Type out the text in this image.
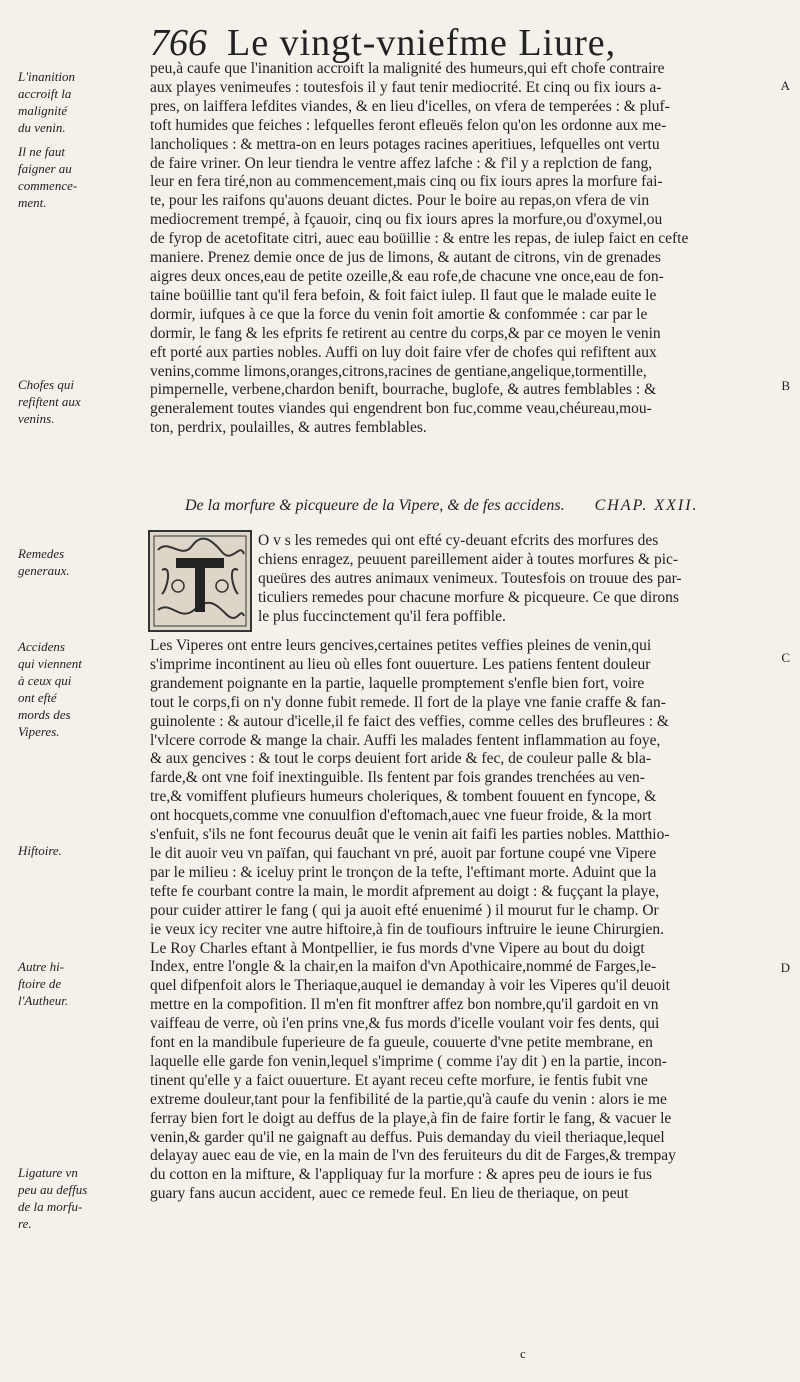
766 Le vingt-vniefme Liure,
L'inanition
accroift la
malignité
du venin.
Il ne faut
faigner au
commence-
ment.
Chofes qui
refiftent aux
venins.
Remedes
generaux.
Accidens
qui viennent
à ceux qui
ont efté
mords des
Viperes.
Hiftoire.
Autre hi-
ftoire de
l'Autheur.
Ligature vn
peu au deffus
de la morfu-
re.
A
B
C
D
peu,à caufe que l'inanition accroift la malignité des humeurs,qui eft chofe contraire
aux playes venimeufes : toutesfois il y faut tenir mediocrité. Et cinq ou fix iours a-
pres, on laiffera lefdites viandes, & en lieu d'icelles, on vfera de temperées : & pluf-
toft humides que feiches : lefquelles feront efleuës felon qu'on les ordonne aux me-
lancholiques : & mettra-on en leurs potages racines aperitiues, lefquelles ont vertu
de faire vriner. On leur tiendra le ventre affez lafche : & f'il y a replction de fang,
leur en fera tiré,non au commencement,mais cinq ou fix iours apres la morfure fai-
te, pour les raifons qu'auons deuant dictes. Pour le boire au repas,on vfera de vin
mediocrement trempé, à fçauoir, cinq ou fix iours apres la morfure,ou d'oxymel,ou
de fyrop de acetofitate citri, auec eau boüillie : & entre les repas, de iulep faict en cefte
maniere. Prenez demie once de jus de limons, & autant de citrons, vin de grenades
aigres deux onces,eau de petite ozeille,& eau rofe,de chacune vne once,eau de fon-
taine boüillie tant qu'il fera befoin, & foit faict iulep. Il faut que le malade euite le
dormir, iufques à ce que la force du venin foit amortie & confommée : car par le
dormir, le fang & les efprits fe retirent au centre du corps,& par ce moyen le venin
eft porté aux parties nobles. Auffi on luy doit faire vfer de chofes qui refiftent aux
venins,comme limons,oranges,citrons,racines de gentiane,angelique,tormentille,
pimpernelle, verbene,chardon benift, bourrache, buglofe, & autres femblables : &
generalement toutes viandes qui engendrent bon fuc,comme veau,chéureau,mou-
ton, perdrix, poulailles, & autres femblables.
De la morfure & picqueure de la Vipere, & de fes accidens. CHAP. XXII.
O v s les remedes qui ont efté cy-deuant efcrits des morfures des
chiens enragez, peuuent pareillement aider à toutes morfures & pic-
queüres des autres animaux venimeux. Toutesfois on trouue des par-
ticuliers remedes pour chacune morfure & picqueure. Ce que dirons
le plus fuccinctement qu'il fera poffible.
Les Viperes ont entre leurs gencives,certaines petites veffies pleines de venin,qui
s'imprime incontinent au lieu où elles font ouuerture. Les patiens fentent douleur
grandement poignante en la partie, laquelle promptement s'enfle bien fort, voire
tout le corps,fi on n'y donne fubit remede. Il fort de la playe vne fanie craffe & fan-
guinolente : & autour d'icelle,il fe faict des veffies, comme celles des brufleures : &
l'vlcere corrode & mange la chair. Auffi les malades fentent inflammation au foye,
& aux gencives : & tout le corps deuient fort aride & fec, de couleur palle & bla-
farde,& ont vne foif inextinguible. Ils fentent par fois grandes trenchées au ven-
tre,& vomiffent plufieurs humeurs choleriques, & tombent fouuent en fyncope, &
ont hocquets,comme vne conuulfion d'eftomach,auec vne fueur froide, & la mort
s'enfuit, s'ils ne font fecourus deuât que le venin ait faifi les parties nobles. Matthio-
le dit auoir veu vn païfan, qui fauchant vn pré, auoit par fortune coupé vne Vipere
par le milieu : & iceluy print le tronçon de la tefte, l'eftimant morte. Aduint que la
tefte fe courbant contre la main, le mordit afprement au doigt : & fuççant la playe,
pour cuider attirer le fang ( qui ja auoit efté enuenimé ) il mourut fur le champ. Or
ie veux icy reciter vne autre hiftoire,à fin de toufiours inftruire le ieune Chirurgien.
Le Roy Charles eftant à Montpellier, ie fus mords d'vne Vipere au bout du doigt
Index, entre l'ongle & la chair,en la maifon d'vn Apothicaire,nommé de Farges,le-
quel difpenfoit alors le Theriaque,auquel ie demanday à voir les Viperes qu'il deuoit
mettre en la compofition. Il m'en fit monftrer affez bon nombre,qu'il gardoit en vn
vaiffeau de verre, où i'en prins vne,& fus mords d'icelle voulant voir fes dents, qui
font en la mandibule fuperieure de fa gueule, couuerte d'vne petite membrane, en
laquelle elle garde fon venin,lequel s'imprime ( comme i'ay dit ) en la partie, incon-
tinent qu'elle y a faict ouuerture. Et ayant receu cefte morfure, ie fentis fubit vne
extreme douleur,tant pour la fenfibilité de la partie,qu'à caufe du venin : alors ie me
ferray bien fort le doigt au deffus de la playe,à fin de faire fortir le fang, & vacuer le
venin,& garder qu'il ne gaignaft au deffus. Puis demanday du vieil theriaque,lequel
delayay auec eau de vie, en la main de l'vn des feruiteurs du dit de Farges,& trempay
du cotton en la mifture, & l'appliquay fur la morfure : & apres peu de iours ie fus
guary fans aucun accident, auec ce remede feul. En lieu de theriaque, on peut
c
